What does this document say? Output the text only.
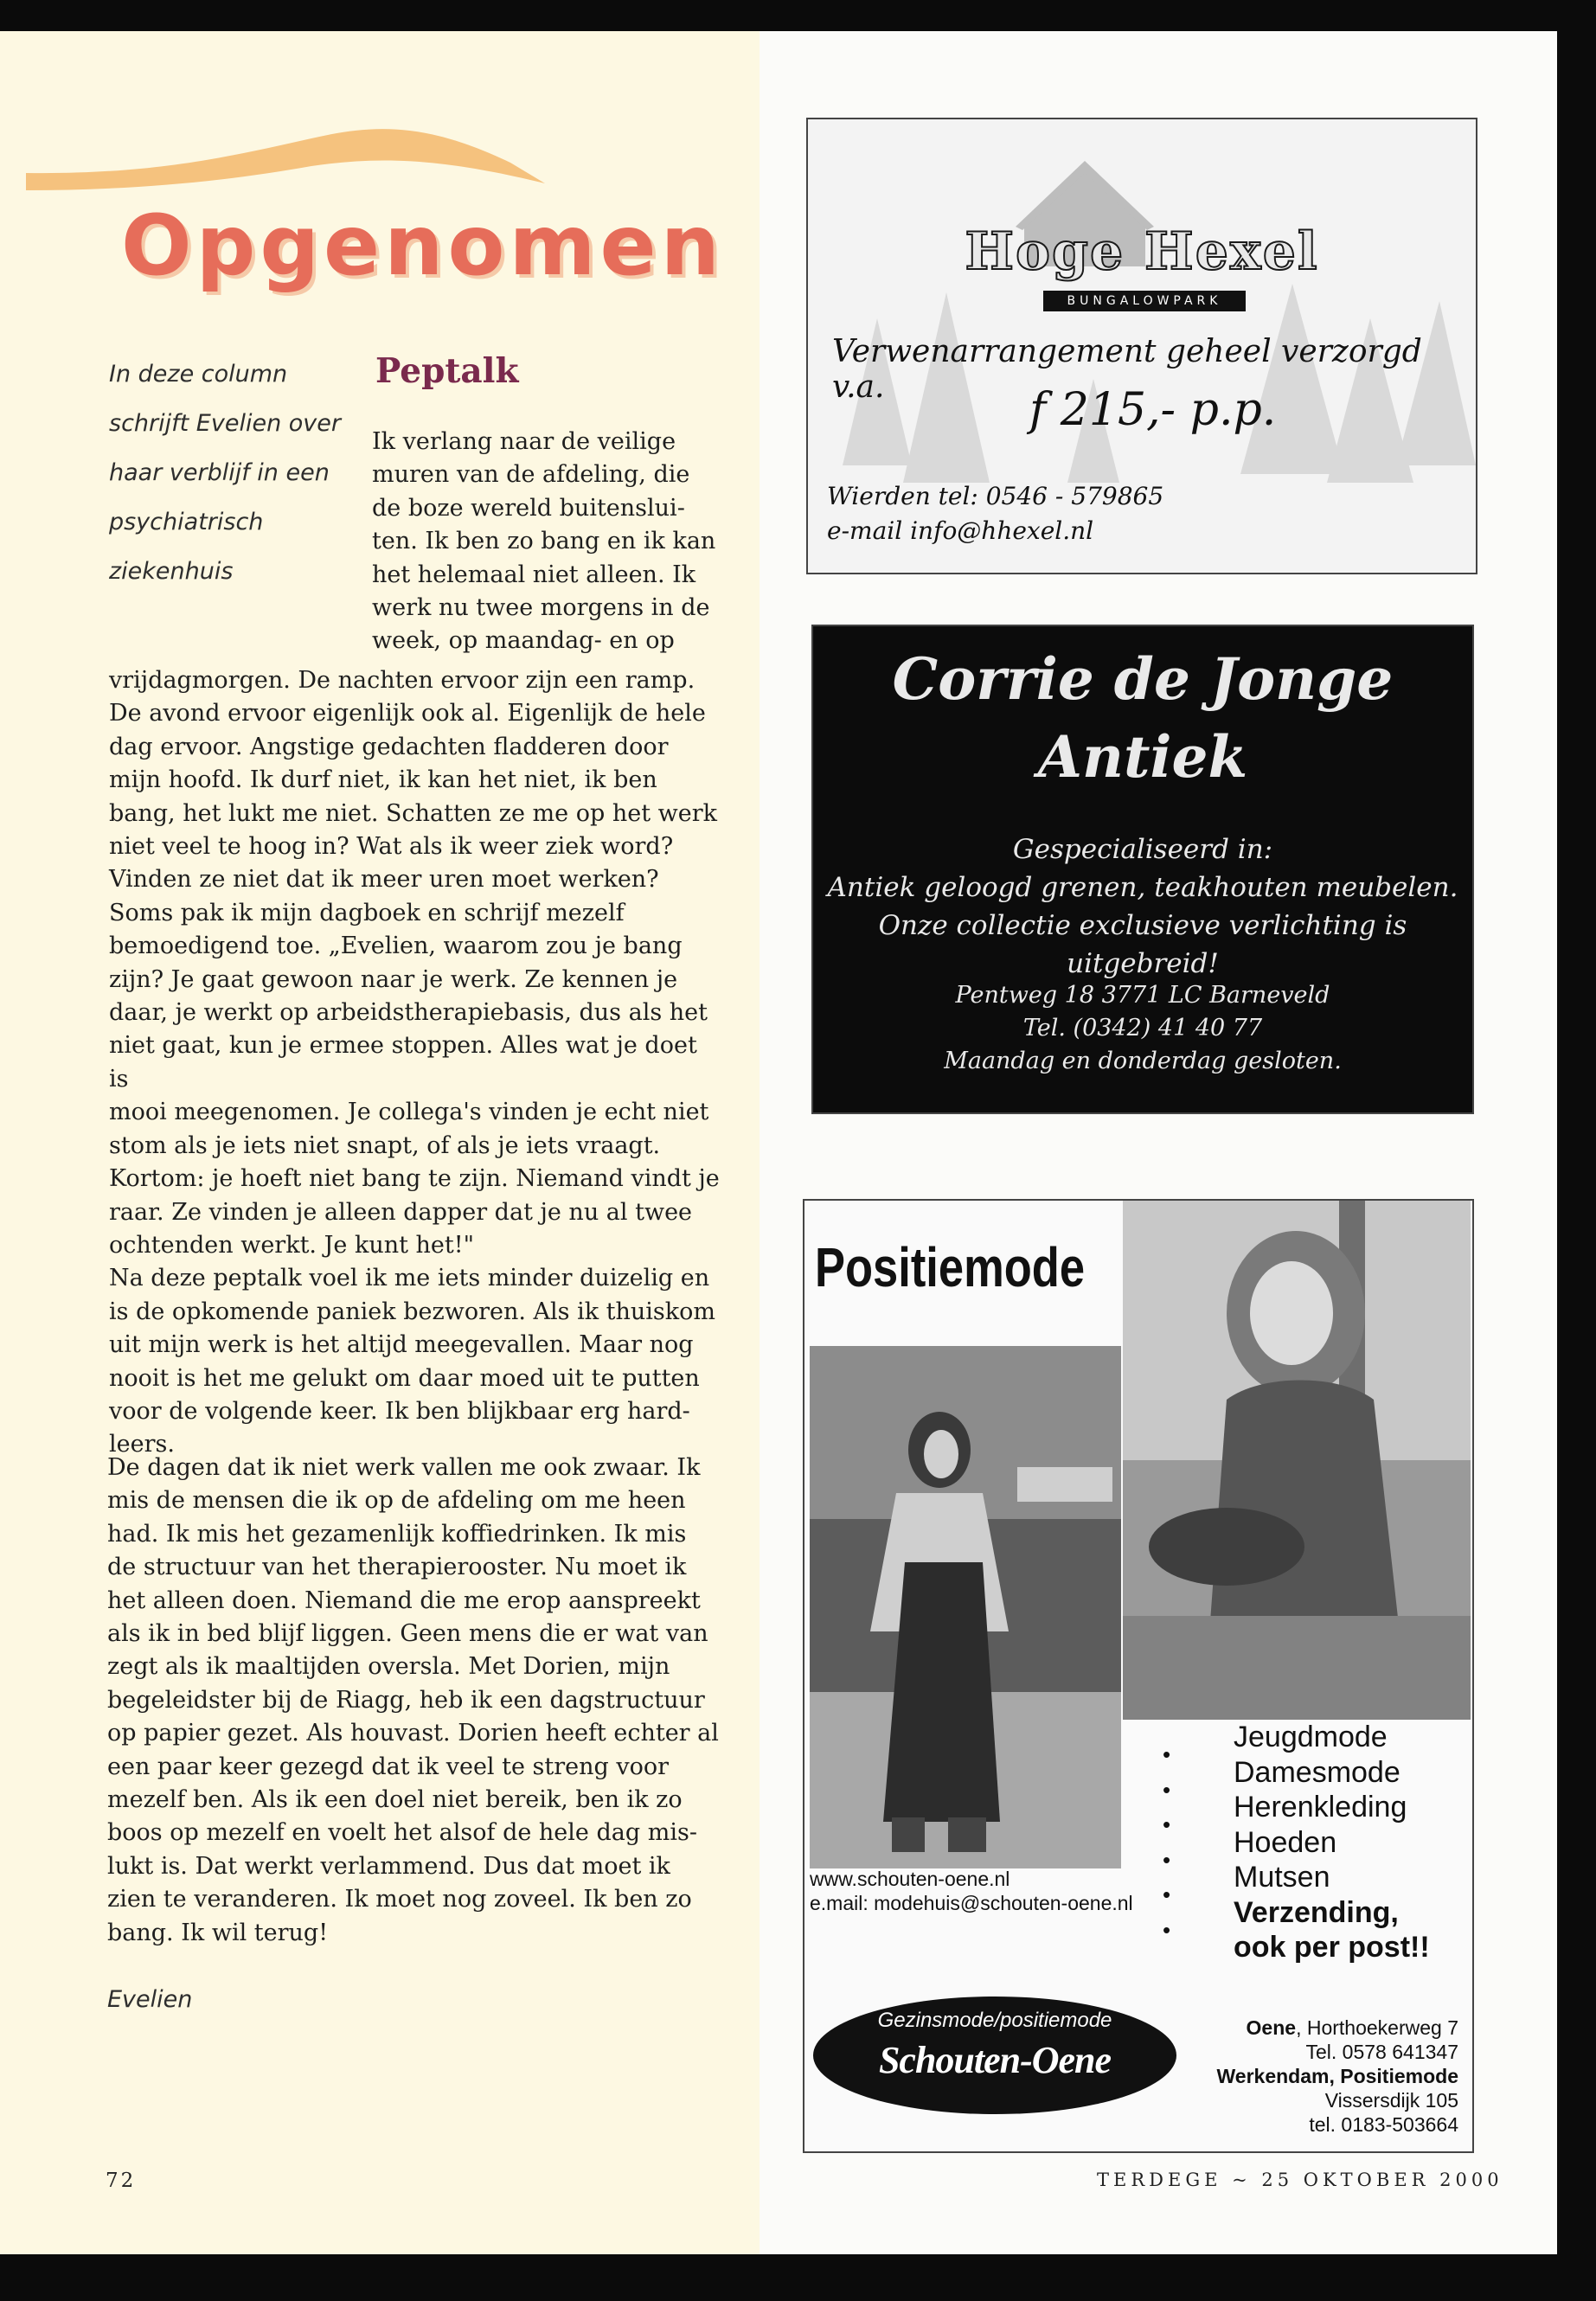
Opgenomen
In deze column
schrijft Evelien over
haar verblijf in een
psychiatrisch
ziekenhuis
Peptalk

Ik verlang naar de veilige

muren van de afdeling, die

de boze wereld buitenslui-

ten. Ik ben zo bang en ik kan

het helemaal niet alleen. Ik

werk nu twee morgens in de

week, op maandag- en op

vrijdagmorgen. De nachten ervoor zijn een ramp.

De avond ervoor eigenlijk ook al. Eigenlijk de hele

dag ervoor. Angstige gedachten fladderen door

mijn hoofd. Ik durf niet, ik kan het niet, ik ben

bang, het lukt me niet. Schatten ze me op het werk

niet veel te hoog in? Wat als ik weer ziek word?

Vinden ze niet dat ik meer uren moet werken?

Soms pak ik mijn dagboek en schrijf mezelf

bemoedigend toe. „Evelien, waarom zou je bang

zijn? Je gaat gewoon naar je werk. Ze kennen je

daar, je werkt op arbeidstherapiebasis, dus als het

niet gaat, kun je ermee stoppen. Alles wat je doet is

mooi meegenomen. Je collega's vinden je echt niet

stom als je iets niet snapt, of als je iets vraagt.

Kortom: je hoeft niet bang te zijn. Niemand vindt je

raar. Ze vinden je alleen dapper dat je nu al twee

ochtenden werkt. Je kunt het!"

Na deze peptalk voel ik me iets minder duizelig en

is de opkomende paniek bezworen. Als ik thuiskom

uit mijn werk is het altijd meegevallen. Maar nog

nooit is het me gelukt om daar moed uit te putten

voor de volgende keer. Ik ben blijkbaar erg hard-

leers.

De dagen dat ik niet werk vallen me ook zwaar. Ik

mis de mensen die ik op de afdeling om me heen

had. Ik mis het gezamenlijk koffiedrinken. Ik mis

de structuur van het therapierooster. Nu moet ik

het alleen doen. Niemand die me erop aanspreekt

als ik in bed blijf liggen. Geen mens die er wat van

zegt als ik maaltijden oversla. Met Dorien, mijn

begeleidster bij de Riagg, heb ik een dagstructuur

op papier gezet. Als houvast. Dorien heeft echter al

een paar keer gezegd dat ik veel te streng voor

mezelf ben. Als ik een doel niet bereik, ben ik zo

boos op mezelf en voelt het alsof de hele dag mis-

lukt is. Dat werkt verlammend. Dus dat moet ik

zien te veranderen. Ik moet nog zoveel. Ik ben zo

bang. Ik wil terug!

Evelien
72	TERDEGE ~ 25 OKTOBER 2000
Hoge Hexel
BUNGALOWPARK
Verwenarrangement geheel verzorgd v.a.	f 215,- p.p.
Wierden tel: 0546 - 579865
e-mail info@hhexel.nl
Corrie de Jonge
Antiek
Gespecialiseerd in:
Antiek geloogd grenen, teakhouten meubelen.
Onze collectie exclusieve verlichting is uitgebreid!
Pentweg 18 3771 LC Barneveld
Tel. (0342) 41 40 77
Maandag en donderdag gesloten.
Positiemode
•
•
•
•
•
•
Jeugdmode
Damesmode
Herenkleding
Hoeden
Mutsen
Verzending,
ook per post!!
www.schouten-oene.nl
e.mail: modehuis@schouten-oene.nl
Gezinsmode/positiemode
Schouten-Oene
Oene, Horthoekerweg 7
Tel. 0578 641347
Werkendam, Positiemode
Vissersdijk 105
tel. 0183-503664
